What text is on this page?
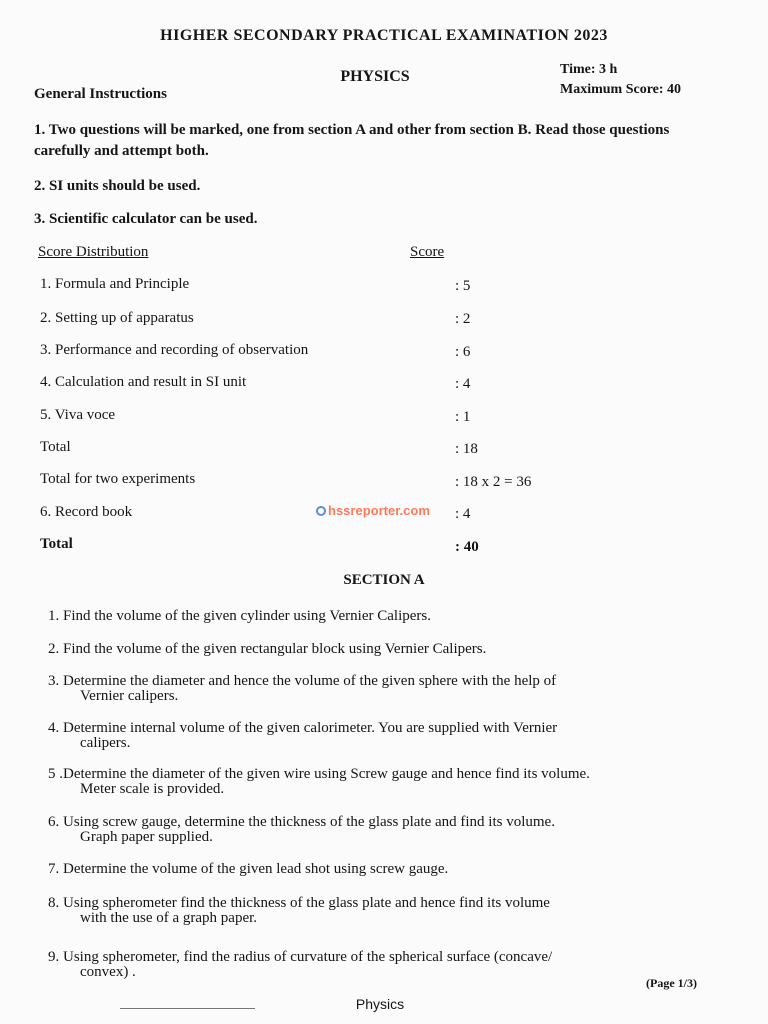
HIGHER SECONDARY PRACTICAL EXAMINATION 2023
PHYSICS	Time: 3 h
Maximum Score: 40
General Instructions
1. Two questions will be marked, one from section A and other from section B. Read those questions carefully and attempt both.
2. SI units should be used.
3. Scientific calculator can be used.
Score Distribution	Score
1. Formula and Principle	: 5
2. Setting up of apparatus	: 2
3. Performance and recording of observation	: 6
4. Calculation and result in SI unit	: 4
5. Viva voce	: 1
Total	: 18
Total for two experiments	: 18 x 2 = 36
6. Record book	: 4
Total	: 40
hssreporter.com
SECTION A
1. Find the volume of the given cylinder using Vernier Calipers.
2. Find the volume of the given rectangular block using Vernier Calipers.
3. Determine the diameter and hence the volume of the given sphere with the help of
Vernier calipers.
4. Determine internal volume of the given calorimeter. You are supplied with Vernier
calipers.
5 .Determine the diameter of the given wire using Screw gauge and hence find its volume.
Meter scale is provided.
6. Using screw gauge, determine the thickness of the glass plate and find its volume.
Graph paper supplied.
7. Determine the volume of the given lead shot using screw gauge.
8. Using spherometer find the thickness of the glass plate and hence find its volume
with the use of a graph paper.
9. Using spherometer, find the radius of curvature of the spherical surface (concave/
convex) .
(Page 1/3)
Physics
